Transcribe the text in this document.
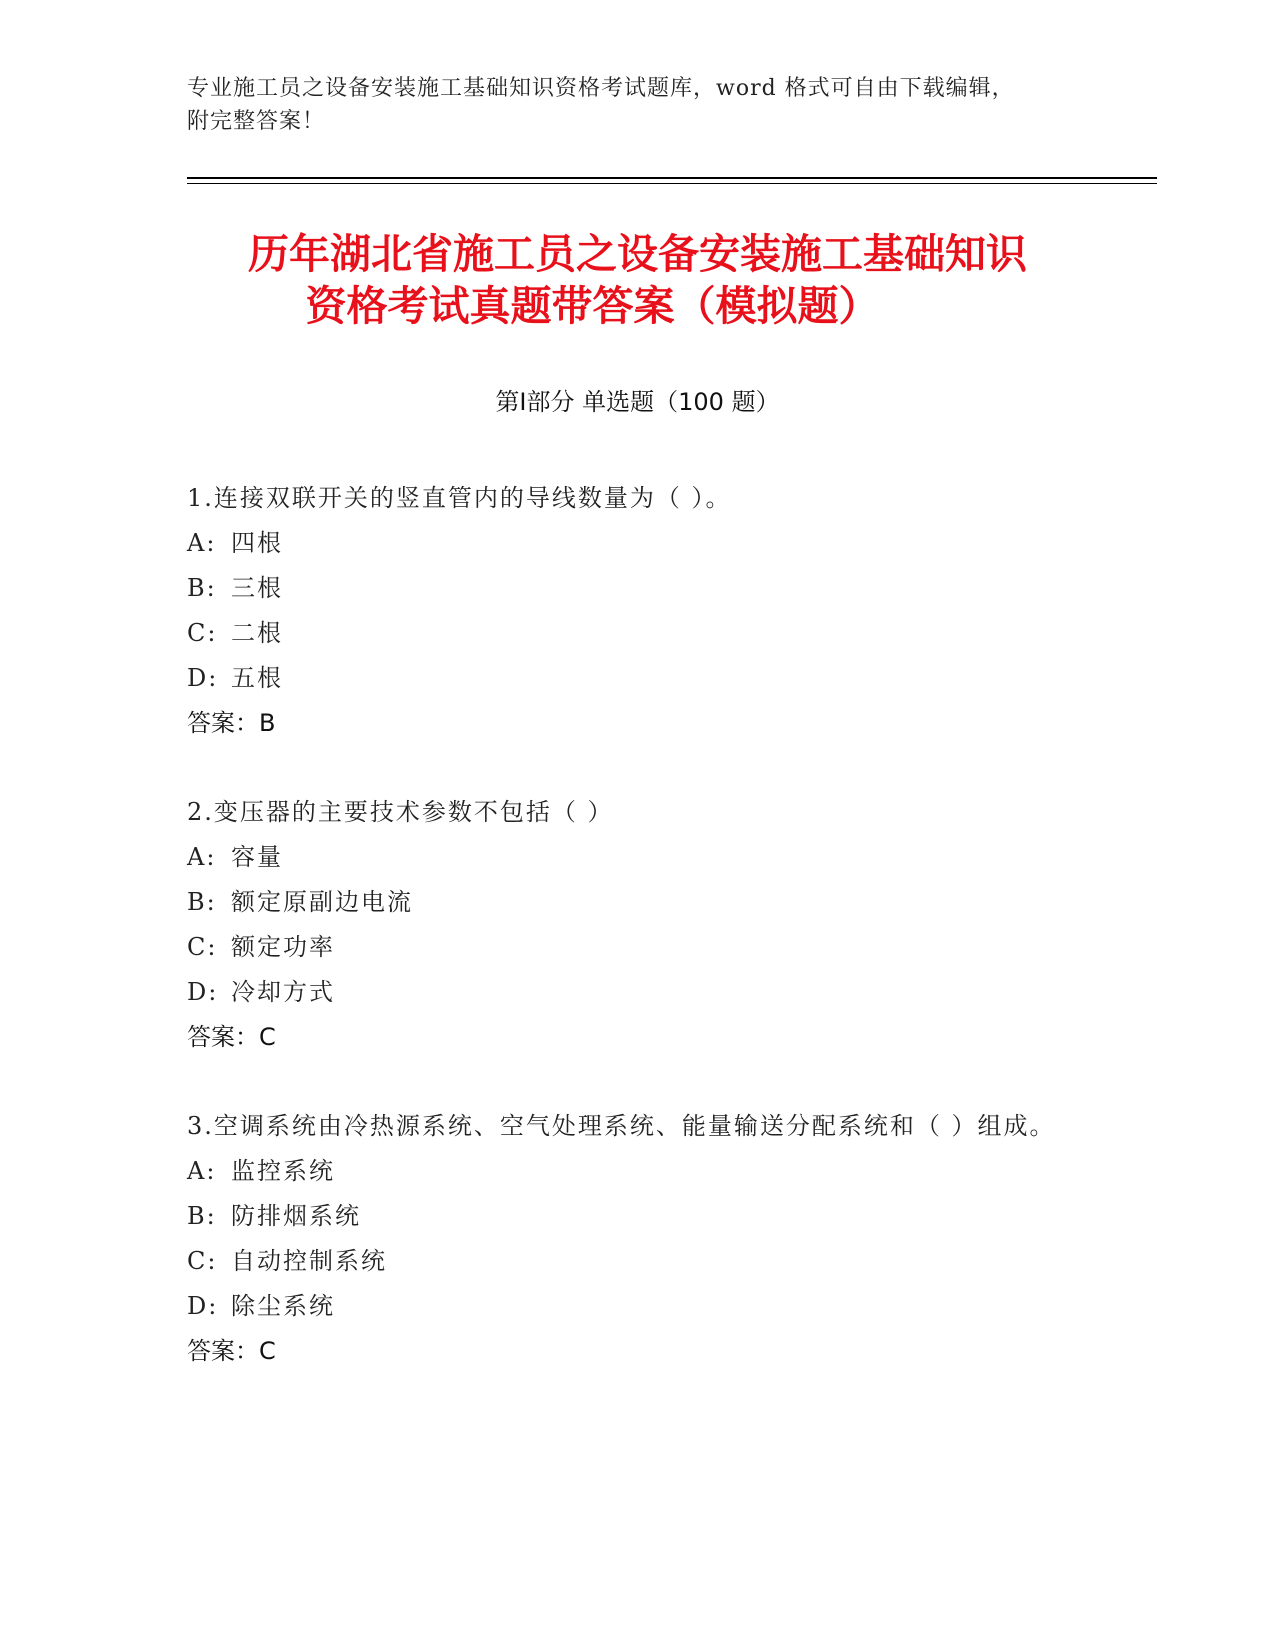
专业施工员之设备安装施工基础知识资格考试题库，word 格式可自由下载编辑，
附完整答案！
历年湖北省施工员之设备安装施工基础知识
资格考试真题带答案（模拟题）
第Ⅰ部分 单选题（100 题）
1.连接双联开关的竖直管内的导线数量为（ ）。
A: 四根
B: 三根
C: 二根
D: 五根
答案：B
2.变压器的主要技术参数不包括（ ）
A: 容量
B: 额定原副边电流
C: 额定功率
D: 冷却方式
答案：C
3.空调系统由冷热源系统、空气处理系统、能量输送分配系统和（ ）组成。
A: 监控系统
B: 防排烟系统
C: 自动控制系统
D: 除尘系统
答案：C
